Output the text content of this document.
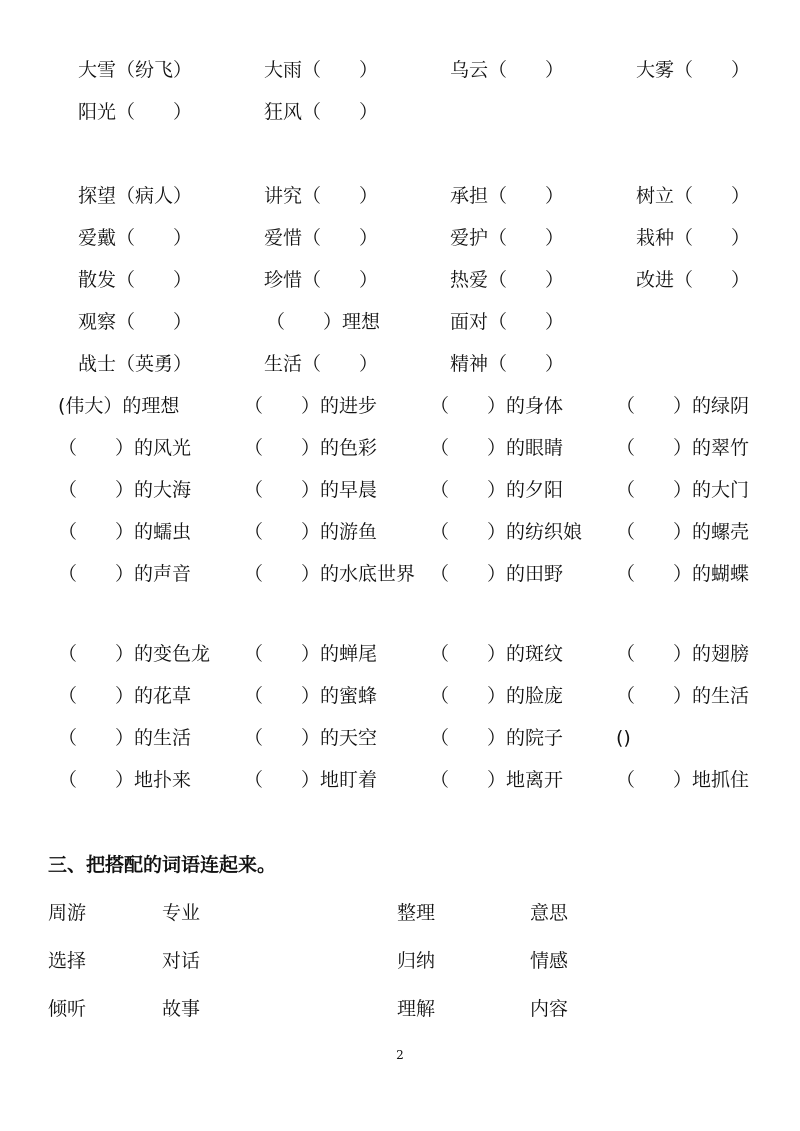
大雪（纷飞）	大雨（　　）	乌云（　　）	大雾（　　）
阳光（　　）	狂风（　　）
探望（病人）	讲究（　　）	承担（　　）	树立（　　）
爱戴（　　）	爱惜（　　）	爱护（　　）	栽种（　　）
散发（　　）	珍惜（　　）	热爱（　　）	改进（　　）
观察（　　）	（　　）理想	面对（　　）
战士（英勇）	生活（　　）	精神（　　）
(伟大）的理想	（　　）的进步	（　　）的身体	（　　）的绿阴
（　　）的风光	（　　）的色彩	（　　）的眼睛	（　　）的翠竹
（　　）的大海	（　　）的早晨	（　　）的夕阳	（　　）的大门
（　　）的蠕虫	（　　）的游鱼	（　　）的纺织娘 （　　）的螺壳
（　　）的声音	（　　）的水底世界 （　　）的田野	（　　）的蝴蝶
（　　）的变色龙 （　　）的蝉尾	（　　）的斑纹	（　　）的翅膀
（　　）的花草	（　　）的蜜蜂	（　　）的脸庞	（　　）的生活
（　　）的生活	（　　）的天空	（　　）的院子	()
（　　）地扑来	（　　）地盯着	（　　）地离开	（　　）地抓住
三、把搭配的词语连起来。
周游	专业	整理	意思
选择	对话	归纳	情感
倾听	故事	理解	内容
2
